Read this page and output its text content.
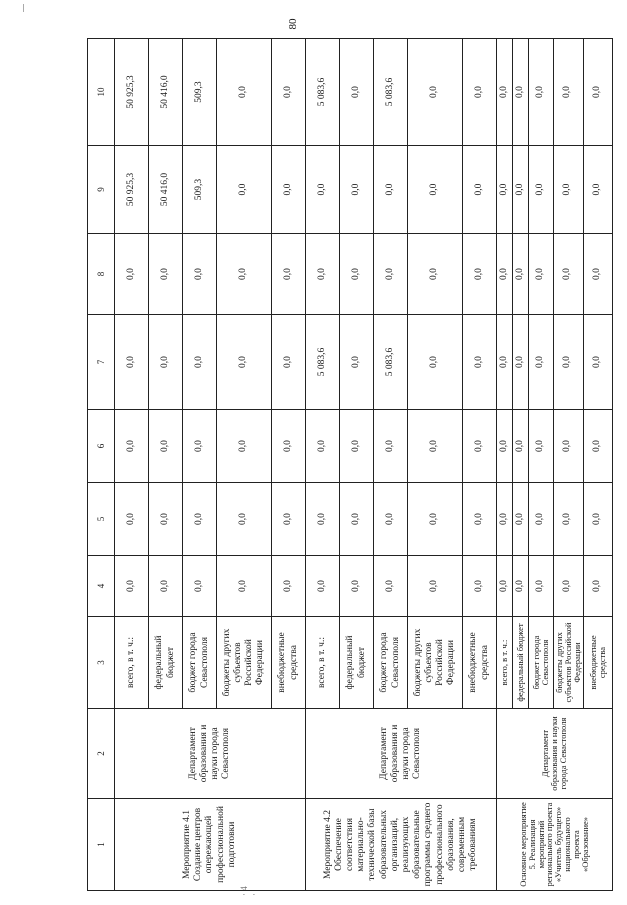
80
· 4 ·
1	2	3	4	5	6	7	8	9	10
Мероприятие 4.1 Создание центров опережающей профессиональной подготовки	Департамент образования и науки города Севастополя	всего, в т. ч.:	0,0	0,0	0,0	0,0	0,0	50 925,3	50 925,3
		федеральный бюджет	0,0	0,0	0,0	0,0	0,0	50 416,0	50 416,0
		бюджет города Севастополя	0,0	0,0	0,0	0,0	0,0	509,3	509,3
		бюджеты других субъектов Российской Федерации	0,0	0,0	0,0	0,0	0,0	0,0	0,0
		внебюджетные средства	0,0	0,0	0,0	0,0	0,0	0,0	0,0
Мероприятие 4.2 Обеспечение соответствия материально-технической базы образовательных организаций, реализующих образовательные программы среднего профессионального образования, современным требованиям	Департамент образования и науки города Севастополя	всего, в т. ч.:	0,0	0,0	0,0	5 083,6	0,0	0,0	5 083,6
		федеральный бюджет	0,0	0,0	0,0	0,0	0,0	0,0	0,0
		бюджет города Севастополя	0,0	0,0	0,0	5 083,6	0,0	0,0	5 083,6
		бюджеты других субъектов Российской Федерации	0,0	0,0	0,0	0,0	0,0	0,0	0,0
		внебюджетные средства	0,0	0,0	0,0	0,0	0,0	0,0	0,0
Основное мероприятие 5. Реализация мероприятий регионального проекта «Учитель будущего» национального проекта «Образование»	Департамент образования и науки города Севастополя	всего, в т. ч.:	0,0	0,0	0,0	0,0	0,0	0,0	0,0
		федеральный бюджет	0,0	0,0	0,0	0,0	0,0	0,0	0,0
		бюджет города Севастополя	0,0	0,0	0,0	0,0	0,0	0,0	0,0
		бюджеты других субъектов Российской Федерации	0,0	0,0	0,0	0,0	0,0	0,0	0,0
		внебюджетные средства	0,0	0,0	0,0	0,0	0,0	0,0	0,0
